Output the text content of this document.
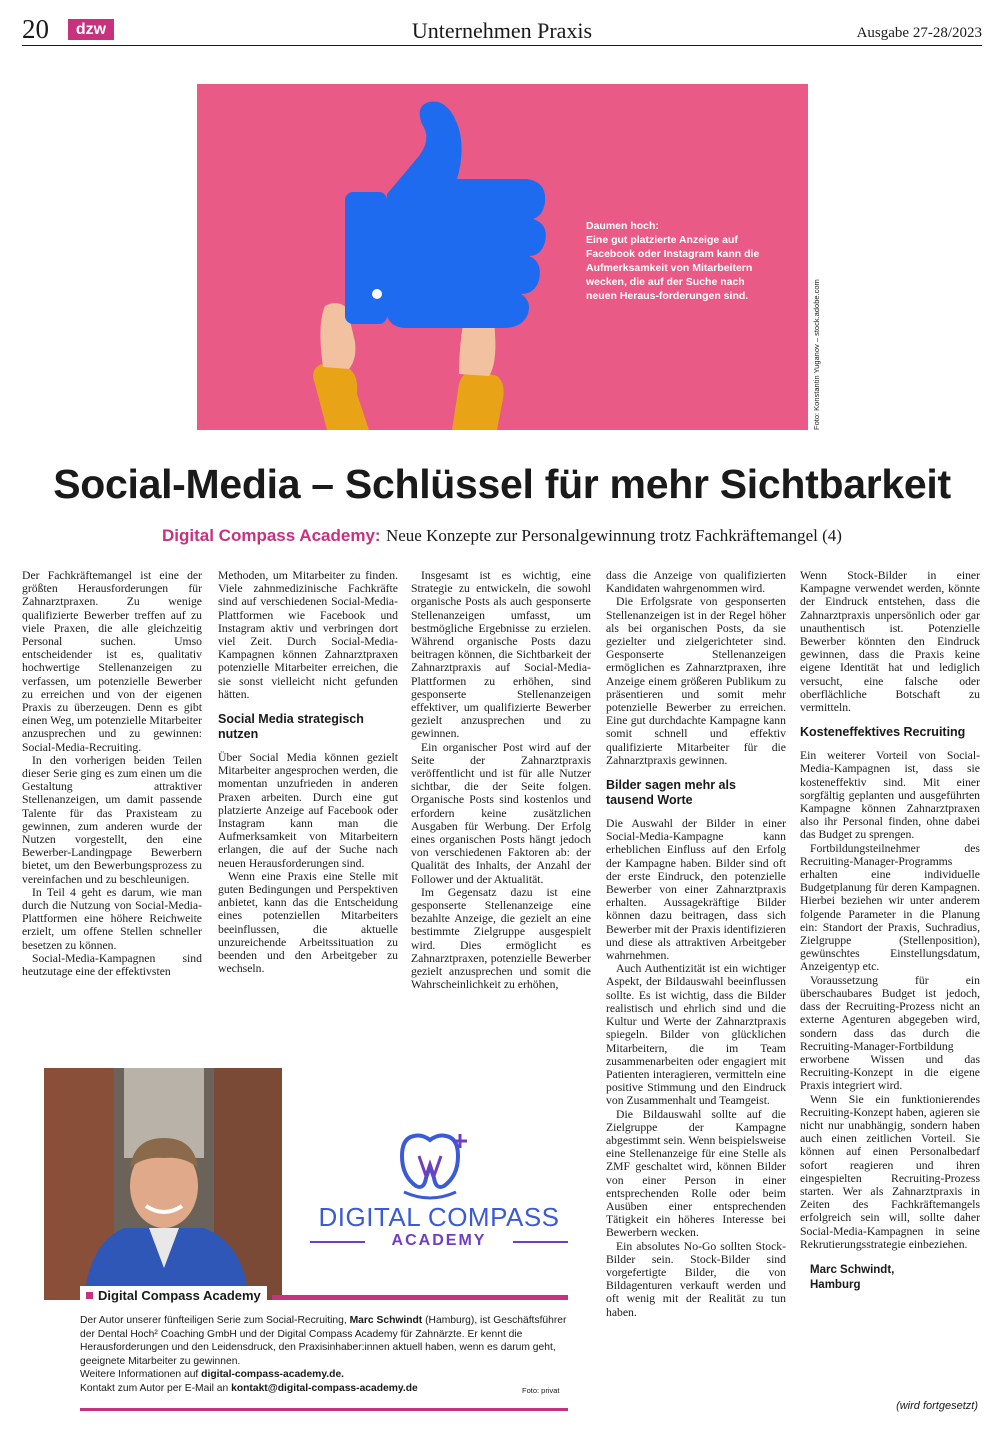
20	dzw	Unternehmen Praxis	Ausgabe 27-28/2023
Daumen hoch:
Eine gut platzierte Anzeige auf Facebook oder Instagram kann die Aufmerksamkeit von Mitarbeitern wecken, die auf der Suche nach neuen Heraus-forderungen sind.	Foto: Konstantin Yuganov – stock.adobe.com
Social-Media – Schlüssel für mehr Sichtbarkeit
Digital Compass Academy: Neue Konzepte zur Personalgewinnung trotz Fachkräftemangel (4)

Der Fachkräftemangel ist eine der größten Herausforderungen für Zahnarztpraxen. Zu wenige qualifizierte Bewerber treffen auf zu viele Praxen, die alle gleichzeitig Personal suchen. Umso entscheidender ist es, qualitativ hochwertige Stellenanzeigen zu verfassen, um potenzielle Bewerber zu erreichen und von der eigenen Praxis zu überzeugen. Denn es gibt einen Weg, um potenzielle Mitarbeiter anzusprechen und zu gewinnen: Social-Media-Recruiting.

In den vorherigen beiden Teilen dieser Serie ging es zum einen um die Gestaltung attraktiver Stellenanzeigen, um damit passende Talente für das Praxisteam zu gewinnen, zum anderen wurde der Nutzen vorgestellt, den eine Bewerber-Landingpage Bewerbern bietet, um den Bewerbungsprozess zu vereinfachen und zu beschleunigen.

In Teil 4 geht es darum, wie man durch die Nutzung von Social-Media-Plattformen eine höhere Reichweite erzielt, um offene Stellen schneller besetzen zu können.

Social-Media-Kampagnen sind heutzutage eine der effektivsten

Methoden, um Mitarbeiter zu finden. Viele zahnmedizinische Fachkräfte sind auf verschiedenen Social-Media-Plattformen wie Facebook und Instagram aktiv und verbringen dort viel Zeit. Durch Social-Media-Kampagnen können Zahnarztpraxen potenzielle Mitarbeiter erreichen, die sie sonst vielleicht nicht gefunden hätten.

Social Media strategisch nutzen

Über Social Media können gezielt Mitarbeiter angesprochen werden, die momentan unzufrieden in anderen Praxen arbeiten. Durch eine gut platzierte Anzeige auf Facebook oder Instagram kann man die Aufmerksamkeit von Mitarbeitern erlangen, die auf der Suche nach neuen Herausforderungen sind.

Wenn eine Praxis eine Stelle mit guten Bedingungen und Perspektiven anbietet, kann das die Entscheidung eines potenziellen Mitarbeiters beeinflussen, die aktuelle unzureichende Arbeitssituation zu beenden und den Arbeitgeber zu wechseln.

Insgesamt ist es wichtig, eine Strategie zu entwickeln, die sowohl organische Posts als auch gesponserte Stellenanzeigen umfasst, um bestmögliche Ergebnisse zu erzielen. Während organische Posts dazu beitragen können, die Sichtbarkeit der Zahnarztpraxis auf Social-Media-Plattformen zu erhöhen, sind gesponserte Stellenanzeigen effektiver, um qualifizierte Bewerber gezielt anzusprechen und zu gewinnen.

Ein organischer Post wird auf der Seite der Zahnarztpraxis veröffentlicht und ist für alle Nutzer sichtbar, die der Seite folgen. Organische Posts sind kostenlos und erfordern keine zusätzlichen Ausgaben für Werbung. Der Erfolg eines organischen Posts hängt jedoch von verschiedenen Faktoren ab: der Qualität des Inhalts, der Anzahl der Follower und der Aktualität.

Im Gegensatz dazu ist eine gesponserte Stellenanzeige eine bezahlte Anzeige, die gezielt an eine bestimmte Zielgruppe ausgespielt wird. Dies ermöglicht es Zahnarztpraxen, potenzielle Bewerber gezielt anzusprechen und somit die Wahrscheinlichkeit zu erhöhen,

dass die Anzeige von qualifizierten Kandidaten wahrgenommen wird.

Die Erfolgsrate von gesponserten Stellenanzeigen ist in der Regel höher als bei organischen Posts, da sie gezielter und zielgerichteter sind. Gesponserte Stellenanzeigen ermöglichen es Zahnarztpraxen, ihre Anzeige einem größeren Publikum zu präsentieren und somit mehr potenzielle Bewerber zu erreichen. Eine gut durchdachte Kampagne kann somit schnell und effektiv qualifizierte Mitarbeiter für die Zahnarztpraxis gewinnen.

Bilder sagen mehr als tausend Worte

Die Auswahl der Bilder in einer Social-Media-Kampagne kann erheblichen Einfluss auf den Erfolg der Kampagne haben. Bilder sind oft der erste Eindruck, den potenzielle Bewerber von einer Zahnarztpraxis erhalten. Aussagekräftige Bilder können dazu beitragen, dass sich Bewerber mit der Praxis identifizieren und diese als attraktiven Arbeitgeber wahrnehmen.

Auch Authentizität ist ein wichtiger Aspekt, der Bildauswahl beeinflussen sollte. Es ist wichtig, dass die Bilder realistisch und ehrlich sind und die Kultur und Werte der Zahnarztpraxis spiegeln. Bilder von glücklichen Mitarbeitern, die im Team zusammenarbeiten oder engagiert mit Patienten interagieren, vermitteln eine positive Stimmung und den Eindruck von Zusammenhalt und Teamgeist.

Die Bildauswahl sollte auf die Zielgruppe der Kampagne abgestimmt sein. Wenn beispielsweise eine Stellenanzeige für eine Stelle als ZMF geschaltet wird, können Bilder von einer Person in einer entsprechenden Rolle oder beim Ausüben einer entsprechenden Tätigkeit ein höheres Interesse bei Bewerbern wecken.

Ein absolutes No-Go sollten Stock-Bilder sein. Stock-Bilder sind vorgefertigte Bilder, die von Bildagenturen verkauft werden und oft wenig mit der Realität zu tun haben.

Wenn Stock-Bilder in einer Kampagne verwendet werden, könnte der Eindruck entstehen, dass die Zahnarztpraxis unpersönlich oder gar unauthentisch ist. Potenzielle Bewerber könnten den Eindruck gewinnen, dass die Praxis keine eigene Identität hat und lediglich versucht, eine falsche oder oberflächliche Botschaft zu vermitteln.

Kosteneffektives Recruiting

Ein weiterer Vorteil von Social-Media-Kampagnen ist, dass sie kosteneffektiv sind. Mit einer sorgfältig geplanten und ausgeführten Kampagne können Zahnarztpraxen also ihr Personal finden, ohne dabei das Budget zu sprengen.

Fortbildungsteilnehmer des Recruiting-Manager-Programms erhalten eine individuelle Budgetplanung für deren Kampagnen. Hierbei beziehen wir unter anderem folgende Parameter in die Planung ein: Standort der Praxis, Suchradius, Zielgruppe (Stellenposition), gewünschtes Einstellungsdatum, Anzeigentyp etc.

Voraussetzung für ein überschaubares Budget ist jedoch, dass der Recruiting-Prozess nicht an externe Agenturen abgegeben wird, sondern dass das durch die Recruiting-Manager-Fortbildung erworbene Wissen und das Recruiting-Konzept in die eigene Praxis integriert wird.

Wenn Sie ein funktionierendes Recruiting-Konzept haben, agieren sie nicht nur unabhängig, sondern haben auch einen zeitlichen Vorteil. Sie können auf einen Personalbedarf sofort reagieren und ihren eingespielten Recruiting-Prozess starten. Wer als Zahnarztpraxis in Zeiten des Fachkräftemangels erfolgreich sein will, sollte daher Social-Media-Kampagnen in seine Rekrutierungsstrategie einbeziehen.

Marc Schwindt,
Hamburg
(wird fortgesetzt)
DIGITAL COMPASS
ACADEMY
Digital Compass Academy
Der Autor unserer fünfteiligen Serie zum Social-Recruiting, Marc Schwindt (Hamburg), ist Geschäftsführer der Dental Hoch² Coaching GmbH und der Digital Compass Academy für Zahnärzte. Er kennt die Herausforderungen und den Leidensdruck, den Praxisinhaber:innen aktuell haben, wenn es darum geht, geeignete Mitarbeiter zu gewinnen.
Weitere Informationen auf digital-compass-academy.de.
Kontakt zum Autor per E-Mail an kontakt@digital-compass-academy.de	Foto: privat
